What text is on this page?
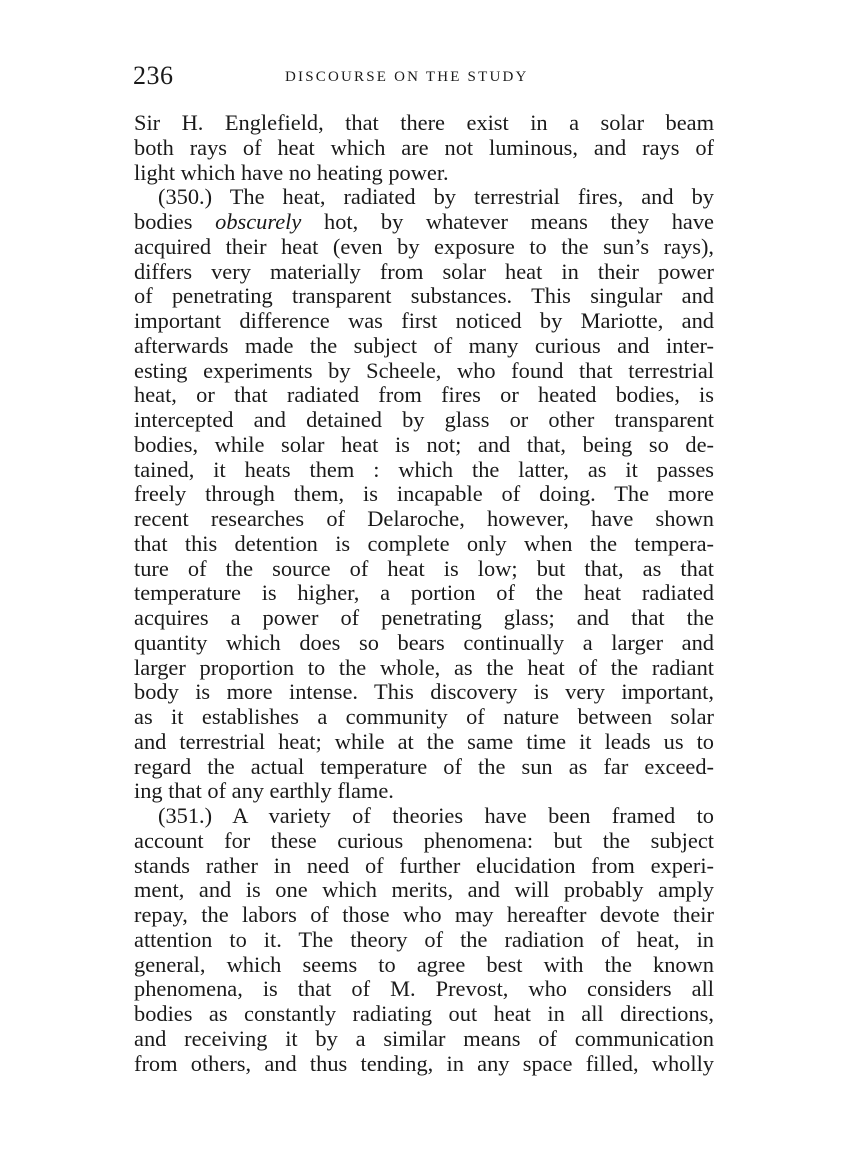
236	DISCOURSE ON THE STUDY
Sir H. Englefield, that there exist in a solar beam
both rays of heat which are not luminous, and rays of
light which have no heating power.
(350.) The heat, radiated by terrestrial fires, and by
bodies obscurely hot, by whatever means they have
acquired their heat (even by exposure to the sun’s rays),
differs very materially from solar heat in their power
of penetrating transparent substances. This singular and
important difference was first noticed by Mariotte, and
afterwards made the subject of many curious and inter-
esting experiments by Scheele, who found that terrestrial
heat, or that radiated from fires or heated bodies, is
intercepted and detained by glass or other transparent
bodies, while solar heat is not; and that, being so de-
tained, it heats them : which the latter, as it passes
freely through them, is incapable of doing. The more
recent researches of Delaroche, however, have shown
that this detention is complete only when the tempera-
ture of the source of heat is low; but that, as that
temperature is higher, a portion of the heat radiated
acquires a power of penetrating glass; and that the
quantity which does so bears continually a larger and
larger proportion to the whole, as the heat of the radiant
body is more intense. This discovery is very important,
as it establishes a community of nature between solar
and terrestrial heat; while at the same time it leads us to
regard the actual temperature of the sun as far exceed-
ing that of any earthly flame.
(351.) A variety of theories have been framed to
account for these curious phenomena: but the subject
stands rather in need of further elucidation from experi-
ment, and is one which merits, and will probably amply
repay, the labors of those who may hereafter devote their
attention to it. The theory of the radiation of heat, in
general, which seems to agree best with the known
phenomena, is that of M. Prevost, who considers all
bodies as constantly radiating out heat in all directions,
and receiving it by a similar means of communication
from others, and thus tending, in any space filled, wholly
